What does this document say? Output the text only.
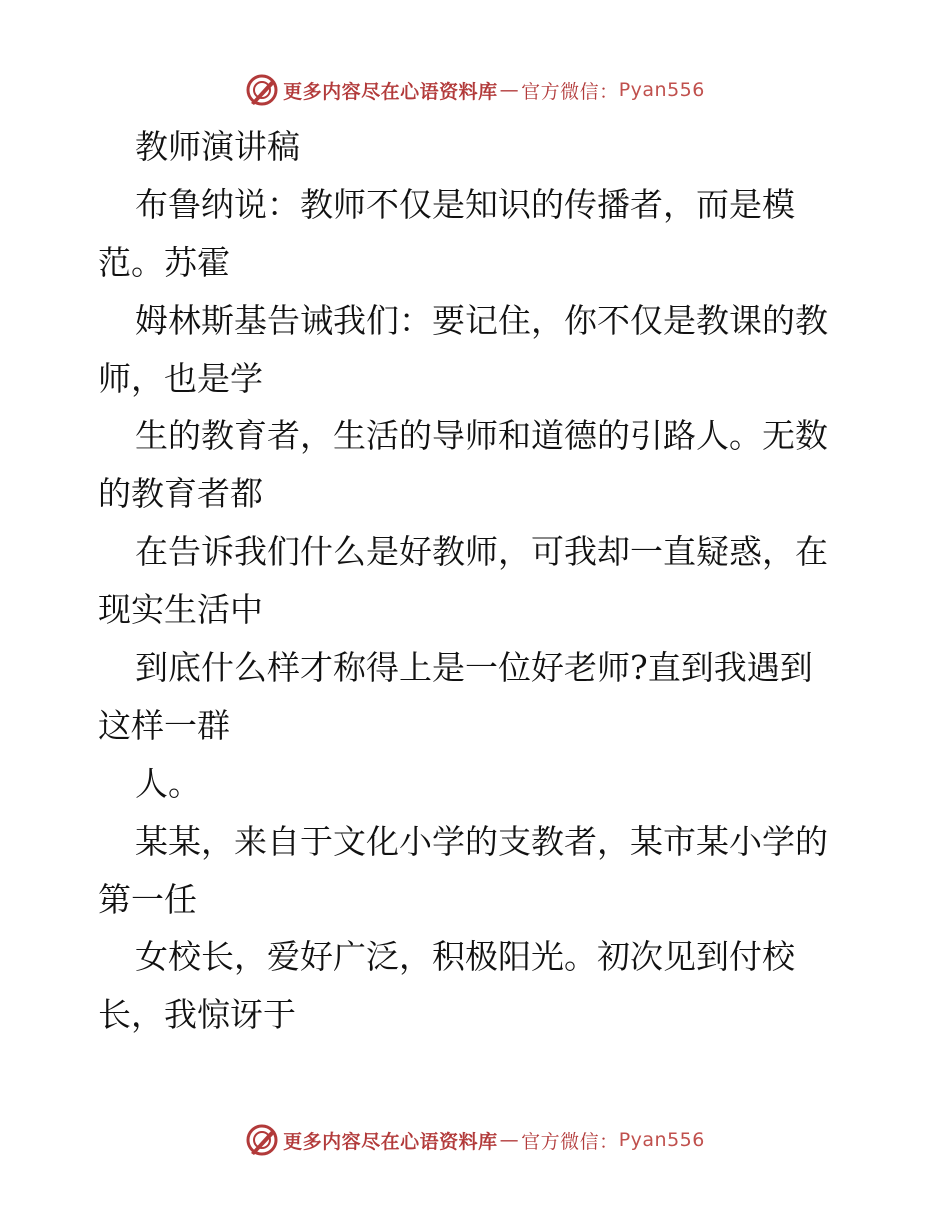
更多内容尽在心语资料库 — 官方微信： Pyan556
教师演讲稿
布鲁纳说：教师不仅是知识的传播者，而是模
范。苏霍
姆林斯基告诫我们：要记住，你不仅是教课的教
师，也是学
生的教育者，生活的导师和道德的引路人。无数
的教育者都
在告诉我们什么是好教师，可我却一直疑惑，在
现实生活中
到底什么样才称得上是一位好老师?直到我遇到
这样一群
人。
某某，来自于文化小学的支教者，某市某小学的
第一任
女校长，爱好广泛，积极阳光。初次见到付校
长，我惊讶于
更多内容尽在心语资料库 — 官方微信： Pyan556
